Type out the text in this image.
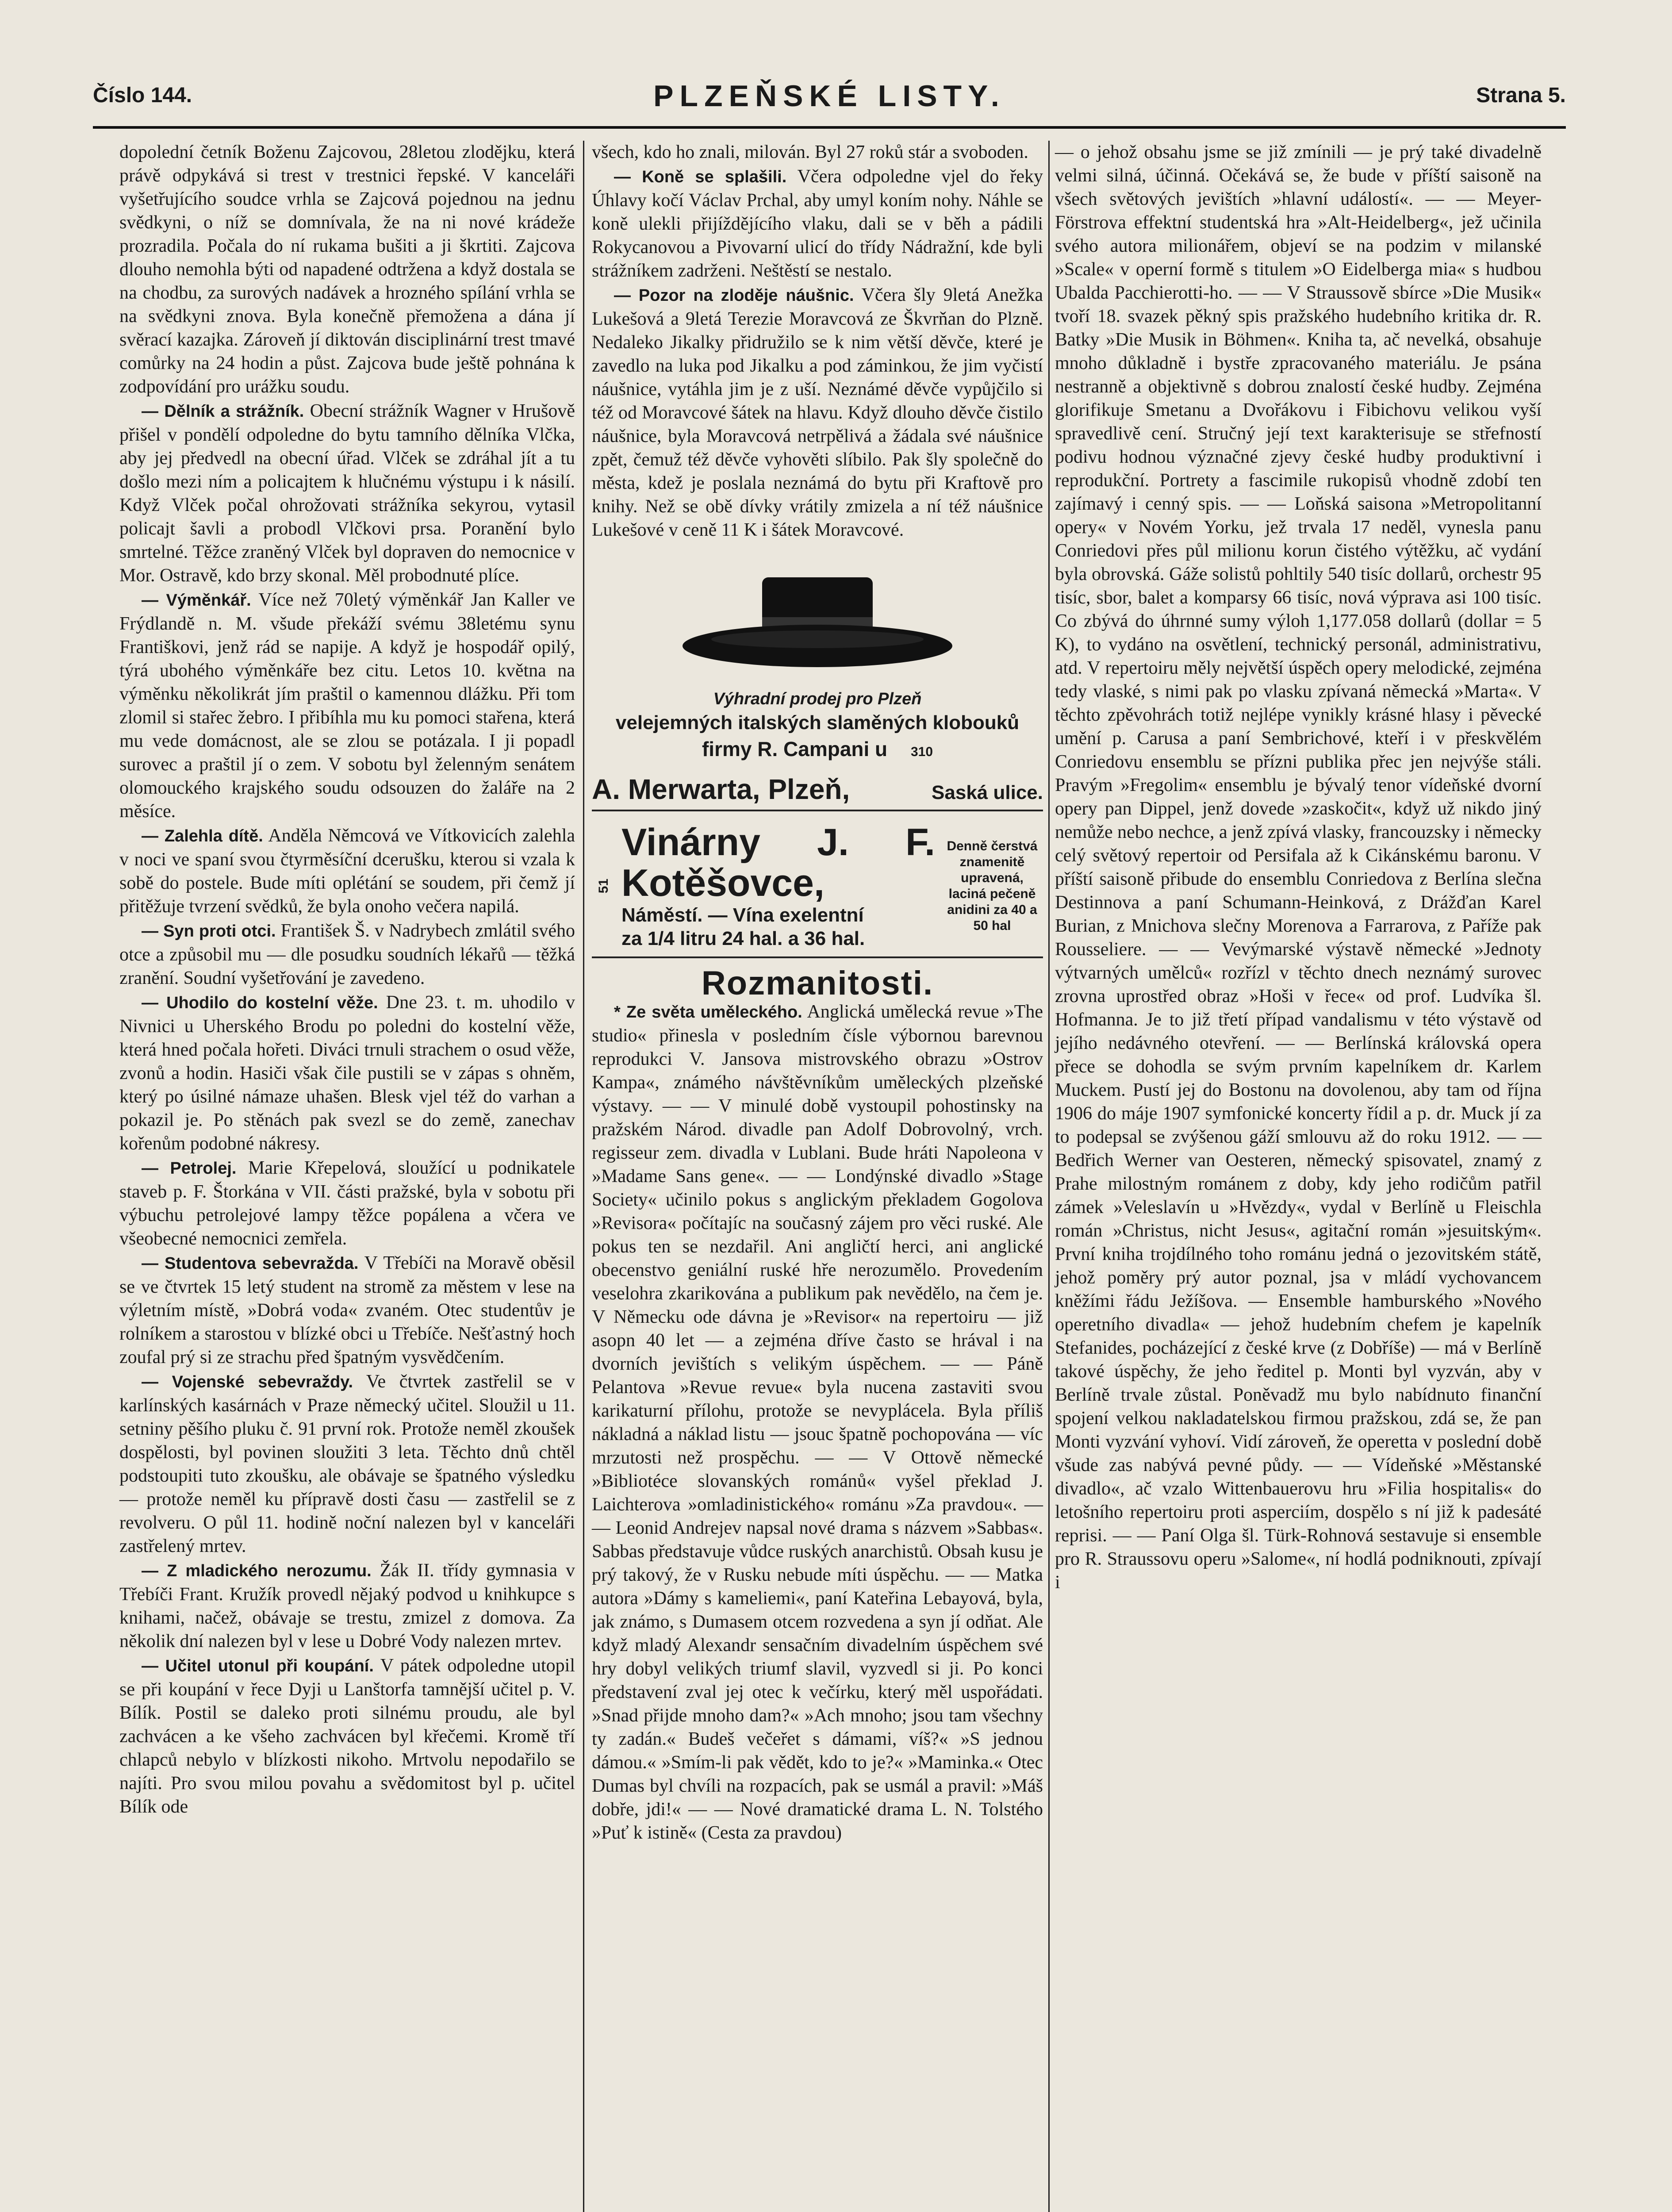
Číslo 144.	PLZEŇSKÉ LISTY.	Strana 5.

dopolední četník Boženu Zajcovou, 28letou zlodějku, která právě odpykává si trest v trestnici řepské. V kanceláři vyšetřujícího soudce vrhla se Zajcová pojednou na jednu svědkyni, o níž se domnívala, že na ni nové krádeže prozradila. Počala do ní rukama bušiti a ji škrtiti. Zajcova dlouho nemohla býti od napadené odtržena a když dostala se na chodbu, za surových nadávek a hrozného spílání vrhla se na svědkyni znova. Byla konečně přemožena a dána jí svěrací kazajka. Zároveň jí diktován disciplinární trest tmavé comůrky na 24 hodin a půst. Zajcova bude ještě pohnána k zodpovídání pro urážku soudu.

— Dělník a strážník. Obecní strážník Wagner v Hrušově přišel v pondělí odpoledne do bytu tamního dělníka Vlčka, aby jej předvedl na obecní úřad. Vlček se zdráhal jít a tu došlo mezi ním a policajtem k hlučnému výstupu i k násilí. Když Vlček počal ohrožovati strážníka sekyrou, vytasil policajt šavli a probodl Vlčkovi prsa. Poranění bylo smrtelné. Těžce zraněný Vlček byl dopraven do nemocnice v Mor. Ostravě, kdo brzy skonal. Měl probodnuté plíce.

— Výměnkář. Více než 70letý výměnkář Jan Kaller ve Frýdlandě n. M. všude překáží svému 38letému synu Františkovi, jenž rád se napije. A když je hospodář opilý, týrá ubohého výměnkáře bez citu. Letos 10. května na výměnku několikrát jím praštil o kamennou dlážku. Při tom zlomil si stařec žebro. I přibíhla mu ku pomoci stařena, která mu vede domácnost, ale se zlou se potázala. I ji popadl surovec a praštil jí o zem. V sobotu byl želenným senátem olomouckého krajského soudu odsouzen do žaláře na 2 měsíce.

— Zalehla dítě. Anděla Němcová ve Vítkovicích zalehla v noci ve spaní svou čtyrměsíční dcerušku, kterou si vzala k sobě do postele. Bude míti oplétání se soudem, při čemž jí přitěžuje tvrzení svědků, že byla onoho večera napilá.

— Syn proti otci. František Š. v Nadrybech zmlátil svého otce a způsobil mu — dle posudku soudních lékařů — těžká zranění. Soudní vyšetřování je zavedeno.

— Uhodilo do kostelní věže. Dne 23. t. m. uhodilo v Nivnici u Uherského Brodu po poledni do kostelní věže, která hned počala hořeti. Diváci trnuli strachem o osud věže, zvonů a hodin. Hasiči však čile pustili se v zápas s ohněm, který po úsilné námaze uhašen. Blesk vjel též do varhan a pokazil je. Po stěnách pak svezl se do země, zanechav kořenům podobné nákresy.

— Petrolej. Marie Křepelová, sloužící u podnikatele staveb p. F. Štorkána v VII. části pražské, byla v sobotu při výbuchu petrolejové lampy těžce popálena a včera ve všeobecné nemocnici zemřela.

— Studentova sebevražda. V Třebíči na Moravě oběsil se ve čtvrtek 15 letý student na stromě za městem v lese na výletním místě, »Dobrá voda« zvaném. Otec studentův je rolníkem a starostou v blízké obci u Třebíče. Nešťastný hoch zoufal prý si ze strachu před špatným vysvědčením.

— Vojenské sebevraždy. Ve čtvrtek zastřelil se v karlínských kasárnách v Praze německý učitel. Sloužil u 11. setniny pěšího pluku č. 91 první rok. Protože neměl zkoušek dospělosti, byl povinen sloužiti 3 leta. Těchto dnů chtěl podstoupiti tuto zkoušku, ale obávaje se špatného výsledku — protože neměl ku přípravě dosti času — zastřelil se z revolveru. O půl 11. hodině noční nalezen byl v kanceláři zastřelený mrtev.

— Z mladického nerozumu. Žák II. třídy gymnasia v Třebíči Frant. Kružík provedl nějaký podvod u knihkupce s knihami, načež, obávaje se trestu, zmizel z domova. Za několik dní nalezen byl v lese u Dobré Vody nalezen mrtev.

— Učitel utonul při koupání. V pátek odpoledne utopil se při koupání v řece Dyji u Lanštorfa tamnější učitel p. V. Bílík. Postil se daleko proti silnému proudu, ale byl zachvácen a ke všeho zachvácen byl křečemi. Kromě tří chlapců nebylo v blízkosti nikoho. Mrtvolu nepodařilo se najíti. Pro svou milou povahu a svědomitost byl p. učitel Bílík ode

všech, kdo ho znali, milován. Byl 27 roků stár a svoboden.

— Koně se splašili. Včera odpoledne vjel do řeky Úhlavy kočí Václav Prchal, aby umyl koním nohy. Náhle se koně ulekli přijíždějícího vlaku, dali se v běh a pádili Rokycanovou a Pivovarní ulicí do třídy Nádražní, kde byli strážníkem zadrženi. Neštěstí se nestalo.

— Pozor na zloděje náušnic. Včera šly 9letá Anežka Lukešová a 9letá Terezie Moravcová ze Škvrňan do Plzně. Nedaleko Jikalky přidružilo se k nim větší děvče, které je zavedlo na luka pod Jikalku a pod záminkou, že jim vyčistí náušnice, vytáhla jim je z uší. Neznámé děvče vypůjčilo si též od Moravcové šátek na hlavu. Když dlouho děvče čistilo náušnice, byla Moravcová netrpělivá a žádala své náušnice zpět, čemuž též děvče vyhověti slíbilo. Pak šly společně do města, kdež je poslala neznámá do bytu při Kraftově pro knihy. Než se obě dívky vrátily zmizela a ní též náušnice Lukešové v ceně 11 K i šátek Moravcové.

Výhradní prodej pro Plzeň
velejemných italských slaměných klobouků
firmy R. Campani u 310
A. Merwarta, Plzeň,	Saská ulice.
51
Vinárny J. F. Kotěšovce,
Náměstí. — Vína exelentní
za 1/4 litru 24 hal. a 36 hal.
Denně čerstvá
znamenitě upravená, laciná pečeně
anidini za 40 a 50 hal
Rozmanitosti.

* Ze světa uměleckého. Anglická umělecká revue »The studio« přinesla v posledním čísle výbornou barevnou reprodukci V. Jansova mistrovského obrazu »Ostrov Kampa«, známého návštěvníkům uměleckých plzeňské výstavy. — — V minulé době vystoupil pohostinsky na pražském Národ. divadle pan Adolf Dobrovolný, vrch. regisseur zem. divadla v Lublani. Bude hráti Napoleona v »Madame Sans gene«. — — Londýnské divadlo »Stage Society« učinilo pokus s anglickým překladem Gogolova »Revisora« počítajíc na současný zájem pro věci ruské. Ale pokus ten se nezdařil. Ani angličtí herci, ani anglické obecenstvo geniální ruské hře nerozumělo. Provedením veselohra zkarikována a publikum pak nevědělo, na čem je. V Německu ode dávna je »Revisor« na repertoiru — již asopn 40 let — a zejména dříve často se hrával i na dvorních jevištích s velikým úspěchem. — — Páně Pelantova »Revue revue« byla nucena zastaviti svou karikaturní přílohu, protože se nevyplácela. Byla příliš nákladná a náklad listu — jsouc špatně pochopována — víc mrzutosti než prospěchu. — — V Ottově německé »Bibliotéce slovanských románů« vyšel překlad J. Laichterova »omladinistického« románu »Za pravdou«. — — Leonid Andrejev napsal nové drama s názvem »Sabbas«. Sabbas představuje vůdce ruských anarchistů. Obsah kusu je prý takový, že v Rusku nebude míti úspěchu. — — Matka autora »Dámy s kameliemi«, paní Kateřina Lebayová, byla, jak známo, s Dumasem otcem rozvedena a syn jí odňat. Ale když mladý Alexandr sensačním divadelním úspěchem své hry dobyl velikých triumf slavil, vyzvedl si ji. Po konci představení zval jej otec k večírku, který měl uspořádati. »Snad přijde mnoho dam?« »Ach mnoho; jsou tam všechny ty zadán.« Budeš večeřet s dámami, víš?« »S jednou dámou.« »Smím-li pak vědět, kdo to je?« »Maminka.« Otec Dumas byl chvíli na rozpacích, pak se usmál a pravil: »Máš dobře, jdi!« — — Nové dramatické drama L. N. Tolstého »Puť k istině« (Cesta za pravdou)

— o jehož obsahu jsme se již zmínili — je prý také divadelně velmi silná, účinná. Očekává se, že bude v příští saisoně na všech světových jevištích »hlavní událostí«. — — Meyer-Förstrova effektní studentská hra »Alt-Heidelberg«, jež učinila svého autora milionářem, objeví se na podzim v milanské »Scale« v operní formě s titulem »O Eidelberga mia« s hudbou Ubalda Pacchierotti-ho. — — V Straussově sbírce »Die Musik« tvoří 18. svazek pěkný spis pražského hudebního kritika dr. R. Batky »Die Musik in Böhmen«. Kniha ta, ač nevelká, obsahuje mnoho důkladně i bystře zpracovaného materiálu. Je psána nestranně a objektivně s dobrou znalostí české hudby. Zejména glorifikuje Smetanu a Dvořákovu i Fibichovu velikou vyší spravedlivě cení. Stručný její text karakterisuje se střefností podivu hodnou význačné zjevy české hudby produktivní i reprodukční. Portrety a fascimile rukopisů vhodně zdobí ten zajímavý i cenný spis. — — Loňská saisona »Metropolitanní opery« v Novém Yorku, jež trvala 17 neděl, vynesla panu Conriedovi přes půl milionu korun čistého výtěžku, ač vydání byla obrovská. Gáže solistů pohltily 540 tisíc dollarů, orchestr 95 tisíc, sbor, balet a komparsy 66 tisíc, nová výprava asi 100 tisíc. Co zbývá do úhrnné sumy výloh 1,177.058 dollarů (dollar = 5 K), to vydáno na osvětlení, technický personál, administrativu, atd. V repertoiru měly největší úspěch opery melodické, zejména tedy vlaské, s nimi pak po vlasku zpívaná německá »Marta«. V těchto zpěvohrách totiž nejlépe vynikly krásné hlasy i pěvecké umění p. Carusa a paní Sembrichové, kteří i v přeskvělém Conriedovu ensemblu se přízni publika přec jen nejvýše stáli. Pravým »Fregolim« ensemblu je bývalý tenor vídeňské dvorní opery pan Dippel, jenž dovede »zaskočit«, když už nikdo jiný nemůže nebo nechce, a jenž zpívá vlasky, francouzsky i německy celý světový repertoir od Persifala až k Cikánskému baronu. V příští saisoně přibude do ensemblu Conriedova z Berlína slečna Destinnova a paní Schumann-Heinková, z Drážďan Karel Burian, z Mnichova slečny Morenova a Farrarova, z Paříže pak Rousseliere. — — Vevýmarské výstavě německé »Jednoty výtvarných umělců« rozřízl v těchto dnech neznámý surovec zrovna uprostřed obraz »Hoši v řece« od prof. Ludvíka šl. Hofmanna. Je to již třetí případ vandalismu v této výstavě od jejího nedávného otevření. — — Berlínská královská opera přece se dohodla se svým prvním kapelníkem dr. Karlem Muckem. Pustí jej do Bostonu na dovolenou, aby tam od října 1906 do máje 1907 symfonické koncerty řídil a p. dr. Muck jí za to podepsal se zvýšenou gáží smlouvu až do roku 1912. — — Bedřich Werner van Oesteren, německý spisovatel, znamý z Prahe milostným románem z doby, kdy jeho rodičům patřil zámek »Veleslavín u »Hvězdy«, vydal v Berlíně u Fleischla román »Christus, nicht Jesus«, agitační román »jesuitským«. První kniha trojdílného toho románu jedná o jezovitském státě, jehož poměry prý autor poznal, jsa v mládí vychovancem kněžími řádu Ježíšova. — Ensemble hamburského »Nového operetního divadla« — jehož hudebním chefem je kapelník Stefanides, pocházející z české krve (z Dobříše) — má v Berlíně takové úspěchy, že jeho ředitel p. Monti byl vyzván, aby v Berlíně trvale zůstal. Poněvadž mu bylo nabídnuto finanční spojení velkou nakladatelskou firmou pražskou, zdá se, že pan Monti vyzvání vyhoví. Vidí zároveň, že operetta v poslední době všude zas nabývá pevné půdy. — — Vídeňské »Městanské divadlo«, ač vzalo Wittenbauerovu hru »Filia hospitalis« do letošního repertoiru proti asperciím, dospělo s ní již k padesáté reprisi. — — Paní Olga šl. Türk-Rohnová sestavuje si ensemble pro R. Straussovu operu »Salome«, ní hodlá podniknouti, zpívají i
